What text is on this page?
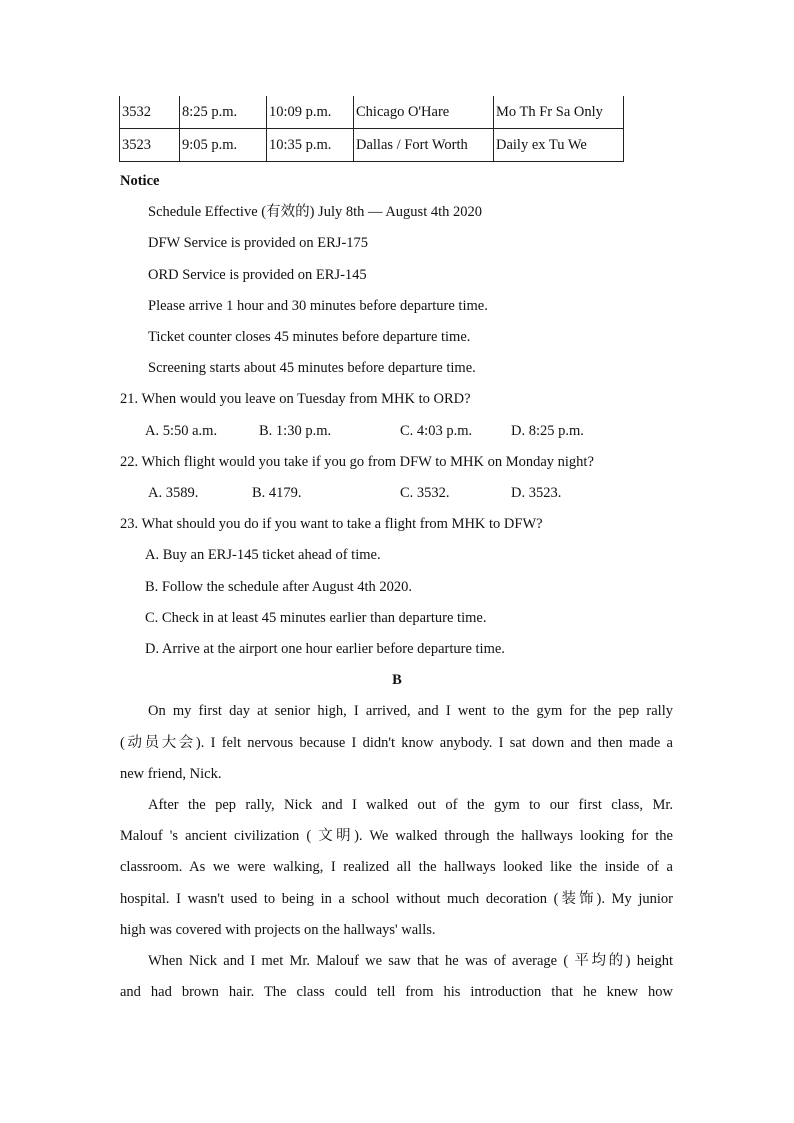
3532	8:25 p.m.	10:09 p.m.	Chicago O'Hare	Mo Th Fr Sa Only
3523	9:05 p.m.	10:35 p.m.	Dallas / Fort Worth	Daily ex Tu We
Notice
Schedule Effective (有效的) July 8th — August 4th 2020
DFW Service is provided on ERJ-175
ORD Service is provided on ERJ-145
Please arrive 1 hour and 30 minutes before departure time.
Ticket counter closes 45 minutes before departure time.
Screening starts about 45 minutes before departure time.
21. When would you leave on Tuesday from MHK to ORD?
A. 5:50 a.m.	B. 1:30 p.m.	C. 4:03 p.m.	D. 8:25 p.m.
22. Which flight would you take if you go from DFW to MHK on Monday night?
A. 3589.	B. 4179.	C. 3532.	D. 3523.
23. What should you do if you want to take a flight from MHK to DFW?
A. Buy an ERJ-145 ticket ahead of time.
B. Follow the schedule after August 4th 2020.
C. Check in at least 45 minutes earlier than departure time.
D. Arrive at the airport one hour earlier before departure time.
B
On my first day at senior high, I arrived, and I went to the gym for the pep rally
(动员大会). I felt nervous because I didn't know anybody. I sat down and then made a
new friend, Nick.
After the pep rally, Nick and I walked out of the gym to our first class, Mr.
Malouf 's ancient civilization ( 文明). We walked through the hallways looking for the
classroom. As we were walking, I realized all the hallways looked like the inside of a
hospital. I wasn't used to being in a school without much decoration (装饰). My junior
high was covered with projects on the hallways' walls.
When Nick and I met Mr. Malouf we saw that he was of average ( 平均的) height
and had brown hair. The class could tell from his introduction that he knew how
